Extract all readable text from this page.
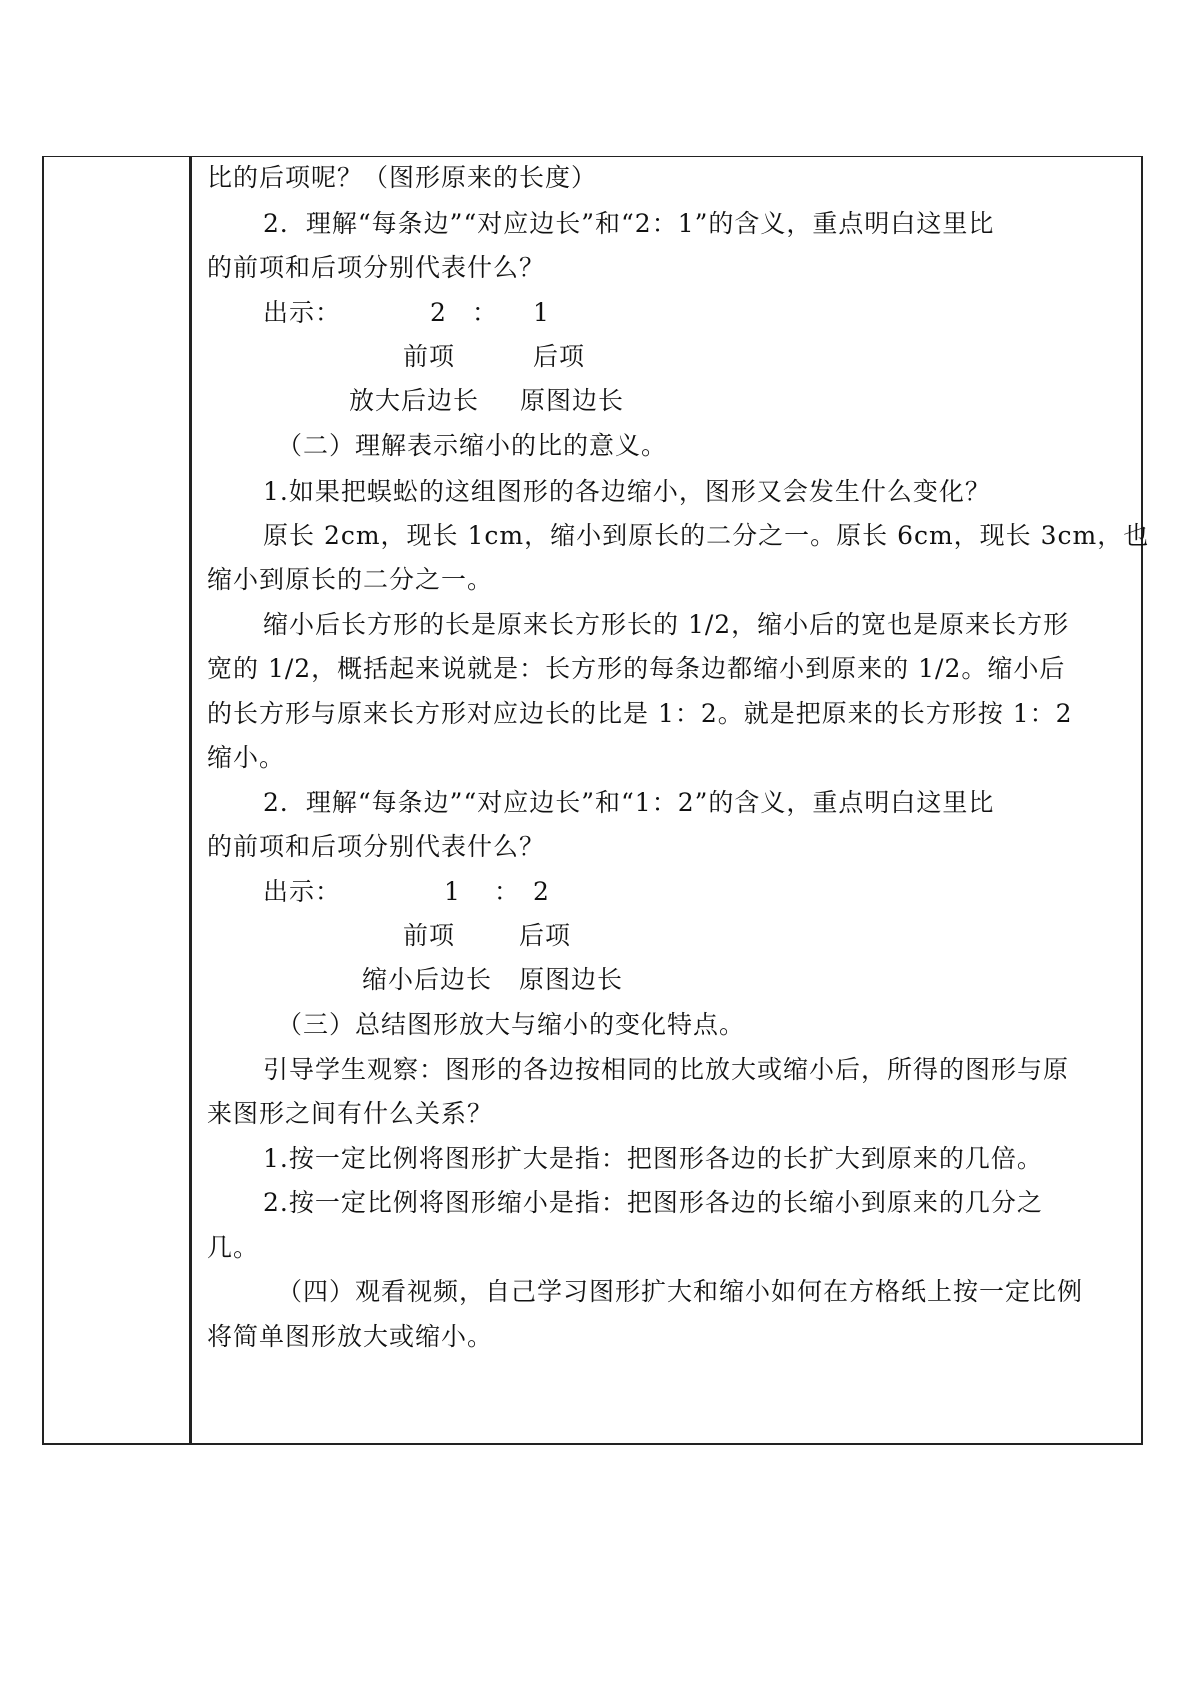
比的后项呢？（图形原来的长度）
2．理解“每条边”“对应边长”和“2：1”的含义，重点明白这里比
的前项和后项分别代表什么？
出示：	2 ： 1
前项	后项
放大后边长 原图边长
（二）理解表示缩小的比的意义。
1.如果把蜈蚣的这组图形的各边缩小，图形又会发生什么变化？
原长 2cm，现长 1cm，缩小到原长的二分之一。原长 6cm，现长 3cm，也
缩小到原长的二分之一。
缩小后长方形的长是原来长方形长的 1/2，缩小后的宽也是原来长方形
宽的 1/2，概括起来说就是：长方形的每条边都缩小到原来的 1/2。缩小后
的长方形与原来长方形对应边长的比是 1：2。就是把原来的长方形按 1：2
缩小。
2．理解“每条边”“对应边长”和“1：2”的含义，重点明白这里比
的前项和后项分别代表什么？
出示：	1 ： 2
前项	后项
缩小后边长 原图边长
（三）总结图形放大与缩小的变化特点。
引导学生观察：图形的各边按相同的比放大或缩小后，所得的图形与原
来图形之间有什么关系？
1.按一定比例将图形扩大是指：把图形各边的长扩大到原来的几倍。
2.按一定比例将图形缩小是指：把图形各边的长缩小到原来的几分之
几。
（四）观看视频，自己学习图形扩大和缩小如何在方格纸上按一定比例
将简单图形放大或缩小。
